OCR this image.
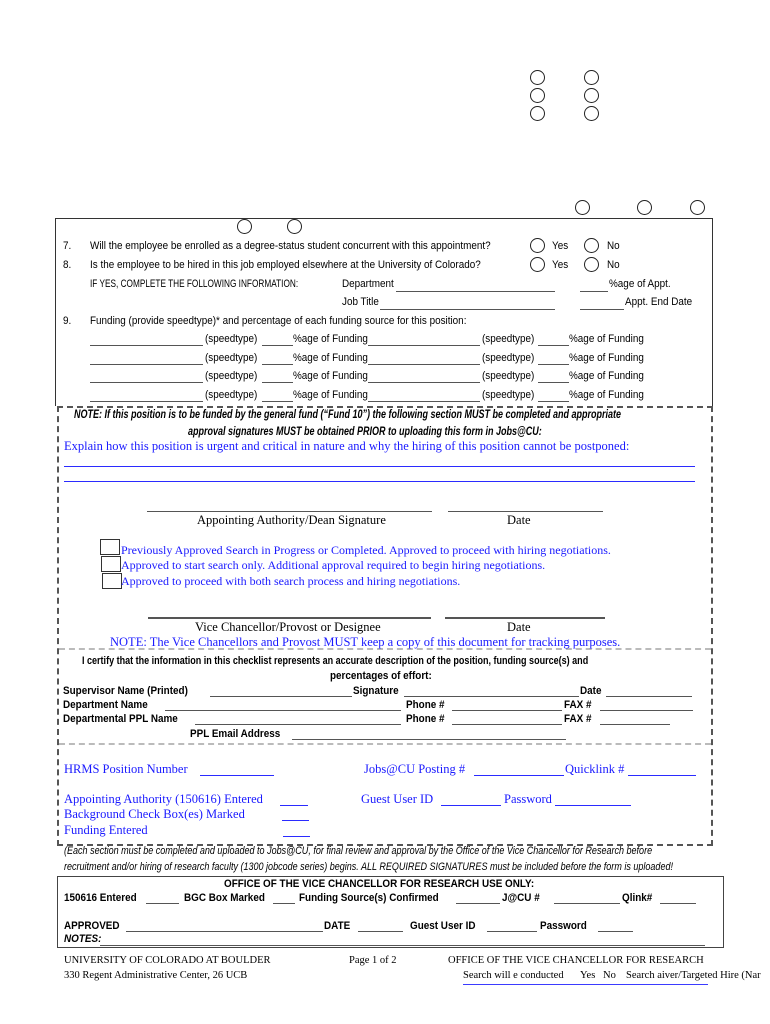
7. Will the employee be enrolled as a degree-status student concurrent with this appointment?	Yes	No
8. Is the employee to be hired in this job employed elsewhere at the University of Colorado?	Yes	No
IF YES, COMPLETE THE FOLLOWING INFORMATION:	Department	%age of Appt.
Job Title	Appt. End Date
9. Funding (provide speedtype)* and percentage of each funding source for this position:
(speedtype)	%age of Funding	(speedtype)	%age of Funding
(speedtype)	%age of Funding	(speedtype)	%age of Funding
(speedtype)	%age of Funding	(speedtype)	%age of Funding
(speedtype)	%age of Funding	(speedtype)	%age of Funding
NOTE: If this position is to be funded by the general fund (“Fund 10”) the following section MUST be completed and appropriate
approval signatures MUST be obtained PRIOR to uploading this form in Jobs@CU:
Explain how this position is urgent and critical in nature and why the hiring of this position cannot be postponed:
Appointing Authority/Dean Signature	Date
Previously Approved Search in Progress or Completed. Approved to proceed with hiring negotiations.
Approved to start search only. Additional approval required to begin hiring negotiations.
Approved to proceed with both search process and hiring negotiations.
Vice Chancellor/Provost or Designee	Date
NOTE: The Vice Chancellors and Provost MUST keep a copy of this document for tracking purposes.
I certify that the information in this checklist represents an accurate description of the position, funding source(s) and
percentages of effort:
Supervisor Name (Printed)	Signature	Date
Department Name	Phone #	FAX #
Departmental PPL Name	Phone #	FAX #
PPL Email Address
HRMS Position Number	Jobs@CU Posting #	Quicklink #
Appointing Authority (150616) Entered	Guest User ID	Password
Background Check Box(es) Marked
Funding Entered
(Each section must be completed and uploaded to Jobs@CU, for final review and approval by the Office of the Vice Chancellor for Research before
recruitment and/or hiring of research faculty (1300 jobcode series) begins. ALL REQUIRED SIGNATURES must be included before the form is uploaded!
OFFICE OF THE VICE CHANCELLOR FOR RESEARCH USE ONLY:
150616 Entered	BGC Box Marked	Funding Source(s) Confirmed	J@CU #	Qlink#
APPROVED	DATE	Guest User ID	Password
NOTES:
UNIVERSITY OF COLORADO AT BOULDER
330 Regent Administrative Center, 26 UCB
Page 1 of 2	OFFICE OF THE VICE CHANCELLOR FOR RESEARCH
Search will e conducted Yes No Search aiver/Targeted Hire (Nar
